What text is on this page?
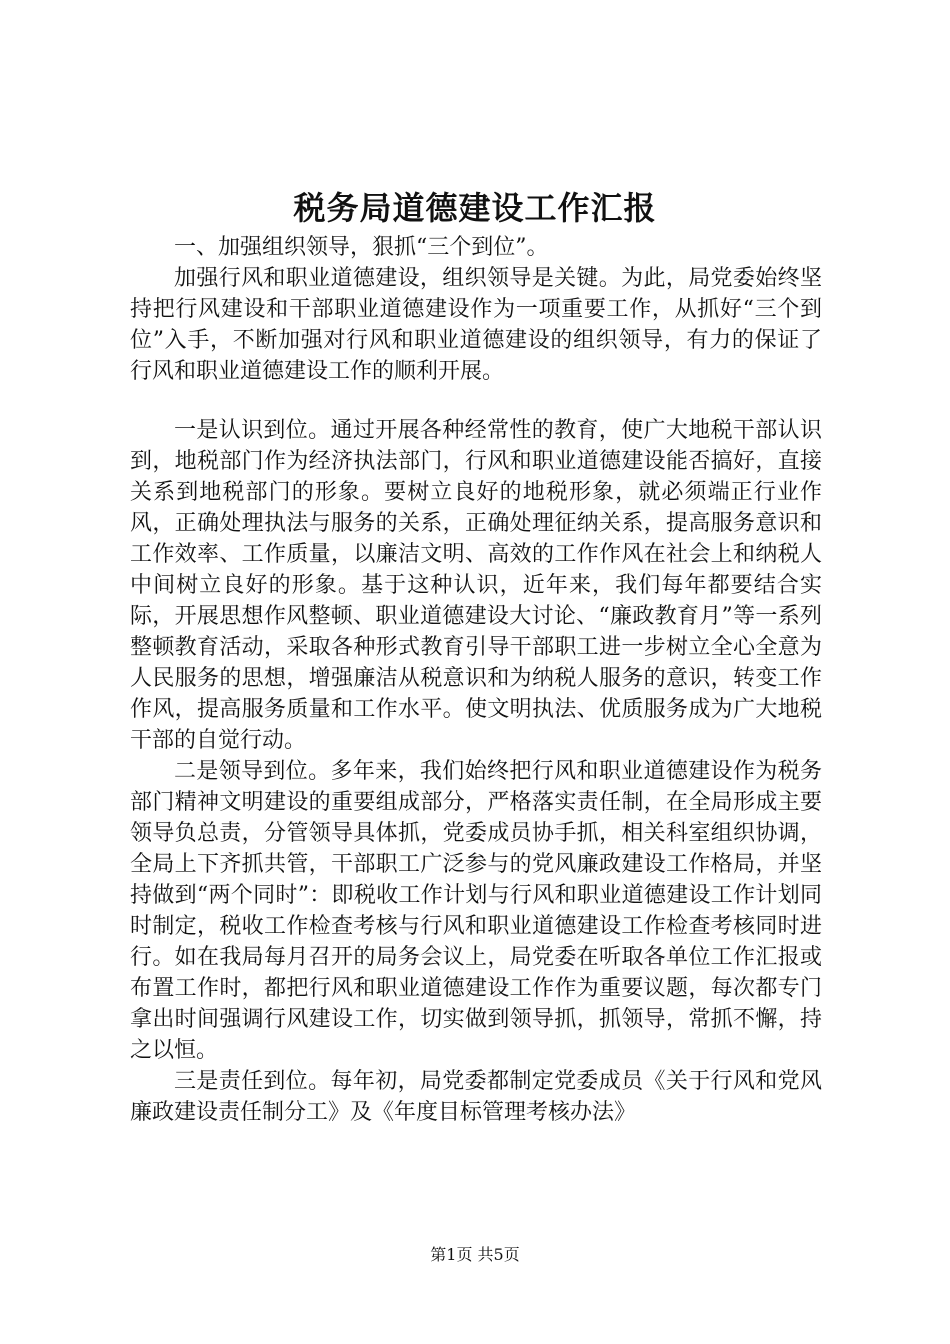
税务局道德建设工作汇报

一、加强组织领导，狠抓“三个到位”。

加强行风和职业道德建设，组织领导是关键。为此，局党委始终坚持把行风建设和干部职业道德建设作为一项重要工作，从抓好“三个到位”入手，不断加强对行风和职业道德建设的组织领导，有力的保证了行风和职业道德建设工作的顺利开展。

一是认识到位。通过开展各种经常性的教育，使广大地税干部认识到，地税部门作为经济执法部门，行风和职业道德建设能否搞好，直接关系到地税部门的形象。要树立良好的地税形象，就必须端正行业作风，正确处理执法与服务的关系，正确处理征纳关系，提高服务意识和工作效率、工作质量，以廉洁文明、高效的工作作风在社会上和纳税人中间树立良好的形象。基于这种认识，近年来，我们每年都要结合实际，开展思想作风整顿、职业道德建设大讨论、“廉政教育月”等一系列整顿教育活动，采取各种形式教育引导干部职工进一步树立全心全意为人民服务的思想，增强廉洁从税意识和为纳税人服务的意识，转变工作作风，提高服务质量和工作水平。使文明执法、优质服务成为广大地税干部的自觉行动。

二是领导到位。多年来，我们始终把行风和职业道德建设作为税务部门精神文明建设的重要组成部分，严格落实责任制，在全局形成主要领导负总责，分管领导具体抓，党委成员协手抓，相关科室组织协调，全局上下齐抓共管，干部职工广泛参与的党风廉政建设工作格局，并坚持做到“两个同时”：即税收工作计划与行风和职业道德建设工作计划同时制定，税收工作检查考核与行风和职业道德建设工作检查考核同时进行。如在我局每月召开的局务会议上，局党委在听取各单位工作汇报或布置工作时，都把行风和职业道德建设工作作为重要议题，每次都专门拿出时间强调行风建设工作，切实做到领导抓，抓领导，常抓不懈，持之以恒。

三是责任到位。每年初，局党委都制定党委成员《关于行风和党风廉政建设责任制分工》及《年度目标管理考核办法》

第1页 共5页
